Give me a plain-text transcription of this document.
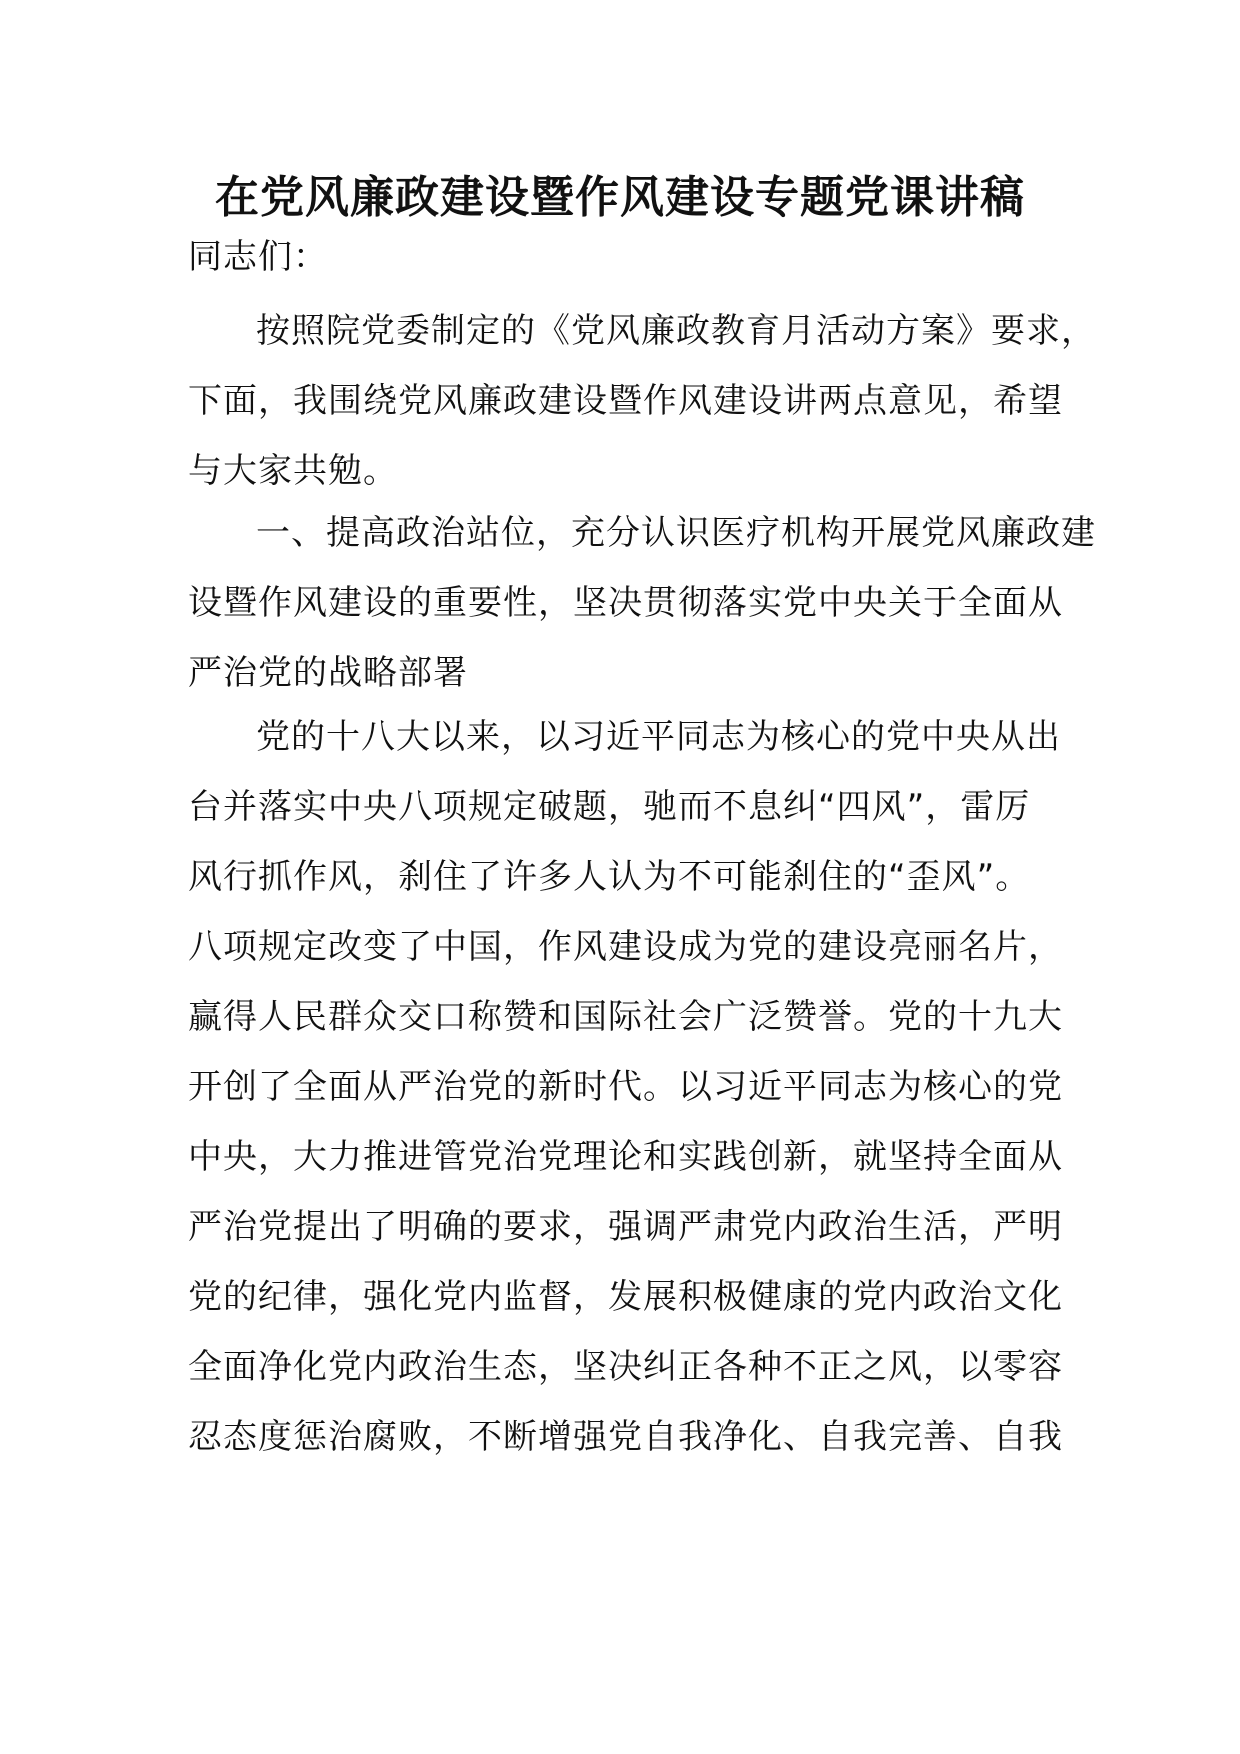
在党风廉政建设暨作风建设专题党课讲稿
同志们：
按照院党委制定的《党风廉政教育月活动方案》要求，
下面，我围绕党风廉政建设暨作风建设讲两点意见，希望
与大家共勉。
一、提高政治站位，充分认识医疗机构开展党风廉政建
设暨作风建设的重要性，坚决贯彻落实党中央关于全面从
严治党的战略部署
党的十八大以来，以习近平同志为核心的党中央从出
台并落实中央八项规定破题，驰而不息纠“四风”，雷厉
风行抓作风，刹住了许多人认为不可能刹住的“歪风”。
八项规定改变了中国，作风建设成为党的建设亮丽名片，
赢得人民群众交口称赞和国际社会广泛赞誉。党的十九大
开创了全面从严治党的新时代。以习近平同志为核心的党
中央，大力推进管党治党理论和实践创新，就坚持全面从
严治党提出了明确的要求，强调严肃党内政治生活，严明
党的纪律，强化党内监督，发展积极健康的党内政治文化
全面净化党内政治生态，坚决纠正各种不正之风，以零容
忍态度惩治腐败，不断增强党自我净化、自我完善、自我
